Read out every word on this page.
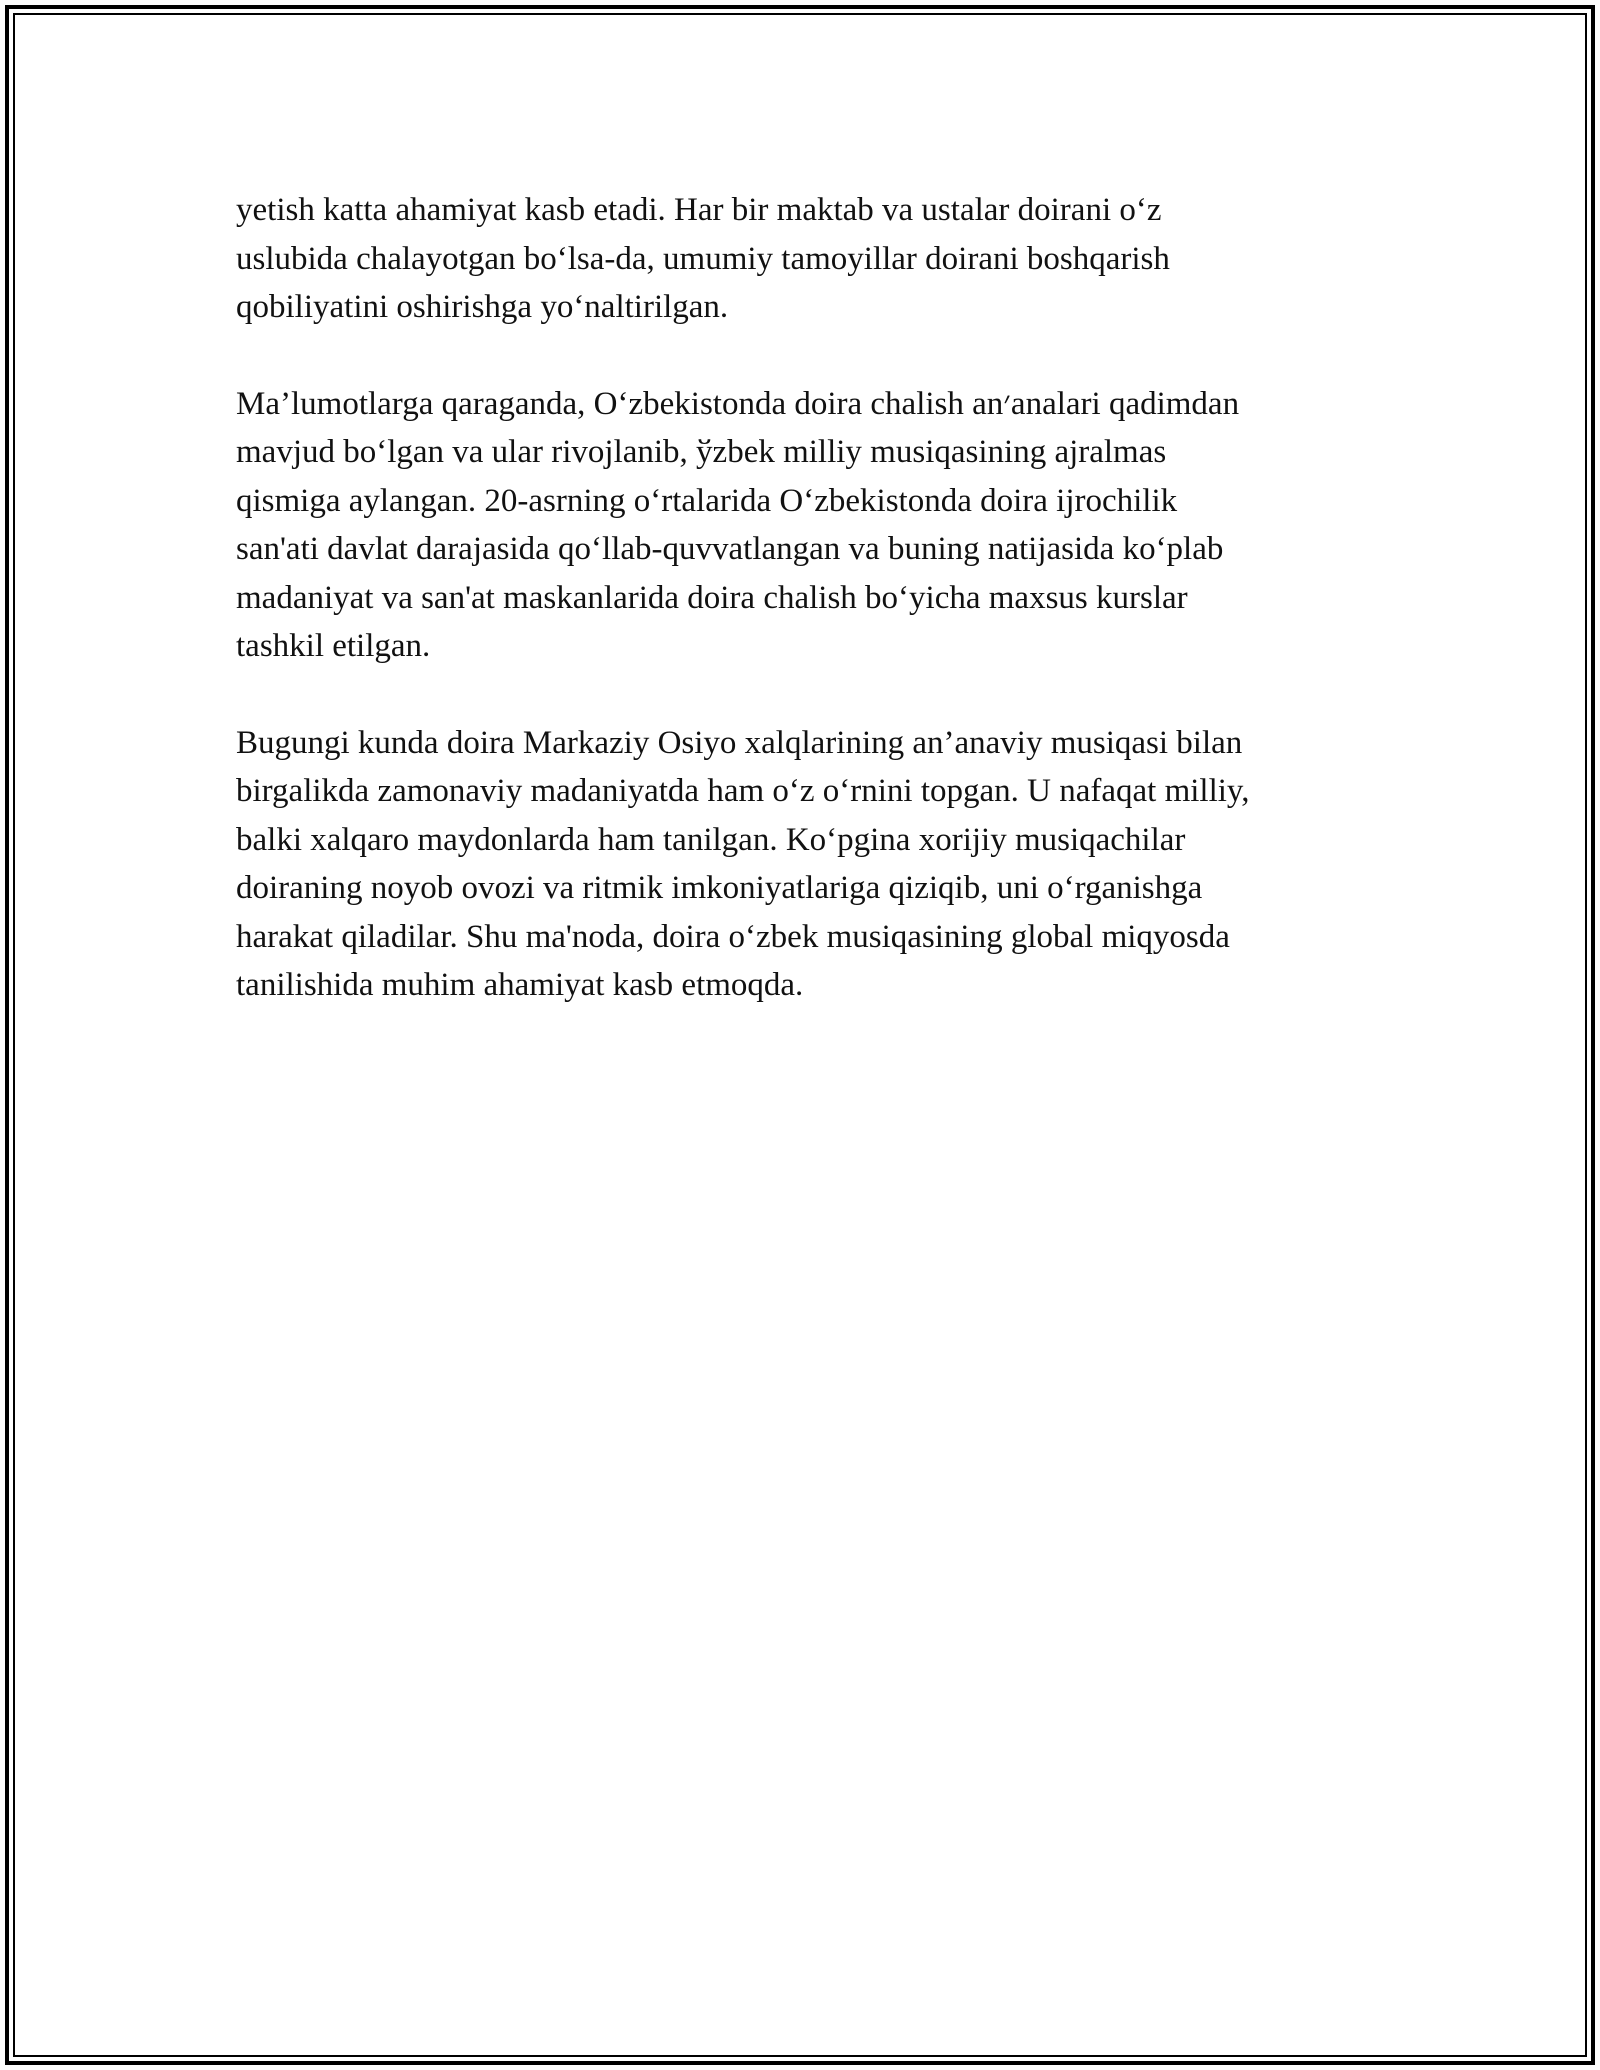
yetish katta ahamiyat kasb etadi. Har bir maktab va ustalar doirani o‘z
uslubida chalayotgan bo‘lsa-da, umumiy tamoyillar doirani boshqarish
qobiliyatini oshirishga yo‘naltirilgan.

Ma’lumotlarga qaraganda, O‘zbekistonda doira chalish an׳analari qadimdan
mavjud bo‘lgan va ular rivojlanib, ўzbek milliy musiqasining ajralmas
qismiga aylangan. 20-asrning o‘rtalarida O‘zbekistonda doira ijrochilik
san'ati davlat darajasida qo‘llab-quvvatlangan va buning natijasida ko‘plab
madaniyat va san'at maskanlarida doira chalish bo‘yicha maxsus kurslar
tashkil etilgan.

Bugungi kunda doira Markaziy Osiyo xalqlarining an’anaviy musiqasi bilan
birgalikda zamonaviy madaniyatda ham o‘z o‘rnini topgan. U nafaqat milliy,
balki xalqaro maydonlarda ham tanilgan. Ko‘pgina xorijiy musiqachilar
doiraning noyob ovozi va ritmik imkoniyatlariga qiziqib, uni o‘rganishga
harakat qiladilar. Shu ma'noda, doira o‘zbek musiqasining global miqyosda
tanilishida muhim ahamiyat kasb etmoqda.
